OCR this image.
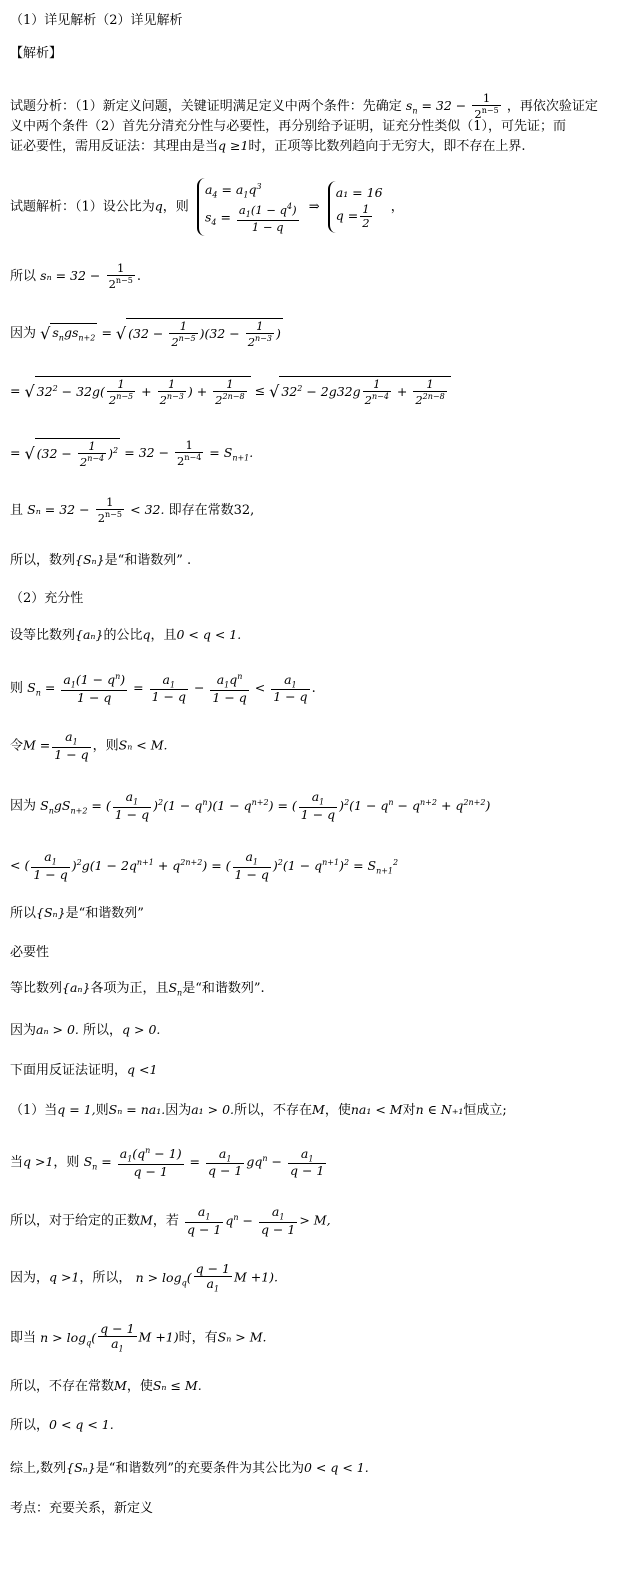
（1）详见解析（2）详见解析
【解析】
试题分析：（1）新定义问题，关键证明满足定义中两个条件：先确定 $s_n = 32 - \frac{1}{2^{n-5}}$ ，再依次验证定
义中两个条件（2）首先分清充分性与必要性，再分别给予证明，证充分性类似（1），可先证；而
证必要性，需用反证法：其理由是当q ≥1时，正项等比数列趋向于无穷大，即不存在上界.
试题解析：（1）设公比为q，则
$a_4 = a_1q^3$
$s_4 = \frac{a_1(1 - q^4)}{1 - q}$ ⇒
a₁ = 16
$q = \frac{1}{2}$ ，
所以 $s_n = 32 - \frac{1}{2^{n-5}}$ .
因为 √ $s_ngs_{n+2}$ = √ $(32 - \frac{1}{2^{n-5}} )(32 - \frac{1}{2^{n-3}}$ )
= √ $32^2 - 32g( \frac{1}{2^{n-5}} + \frac{1}{2^{n-3}}$ ) + $\frac{1}{2^{2n-8}}$ ≤ √ $32^2 - 2g32g \frac{1}{2^{n-4}} + \frac{1}{2^{2n-8}}$
= √ $(32 - \frac{1}{2^{n-4}} )^2 = 32 - \frac{1}{2^{n-4}} = S_{n+1}$.
且 $S_n = 32 - \frac{1}{2^{n-5}} < 32$. 即存在常数32,
所以，数列{Sₙ}是“和谐数列” .
（2）充分性
设等比数列{aₙ}的公比q，且0 < q < 1.
则 $S_n = \frac{a_1(1 - q^n)}{1 - q} = \frac{a_1}{1 - q} - \frac{a_1q^n}{1 - q} < \frac{a_1}{1 - q}$ .
令$M = \frac{a_1}{1 - q}$ ，则Sₙ < M.
因为 $S_ngS_{n+2}$ = ( $\frac{a_1}{1 - q} )^2(1 - q^n)(1 - q^{n+2})$ = ( $\frac{a_1}{1 - q} )^2(1 - q^n - q^{n+2} + q^{2n+2})$
< ( $\frac{a_1}{1 - q} )^2g(1 - 2q^{n+1} + q^{2n+2})$ = ( $\frac{a_1}{1 - q} )^2(1 - q^{n+1})^2 = S_{n+1}^2$
所以{Sₙ}是“和谐数列”
必要性
等比数列{aₙ}各项为正，且$S_n$是“和谐数列”.
因为aₙ > 0. 所以，q > 0.
下面用反证法证明，q <1
（1）当q = 1,则Sₙ = na₁.因为a₁ > 0.所以，不存在M，使na₁ < M对n ∈ N₊₁恒成立;
当q >1，则 $S_n = \frac{a_1(q^n - 1)}{q - 1} = \frac{a_1}{q - 1} gq^n - \frac{a_1}{q - 1}$
所以，对于给定的正数M，若 $\frac{a_1}{q - 1} q^n - \frac{a_1}{q - 1} > M$,
因为，q >1，所以， $n > \log_q( \frac{q - 1}{a_1}$ M +1).
即当 $n > \log_q( \frac{q - 1}{a_1}$ M +1)时，有Sₙ > M.
所以，不存在常数M，使Sₙ ≤ M.
所以，0 < q < 1.
综上,数列{Sₙ}是“和谐数列”的充要条件为其公比为0 < q < 1.
考点：充要关系，新定义
